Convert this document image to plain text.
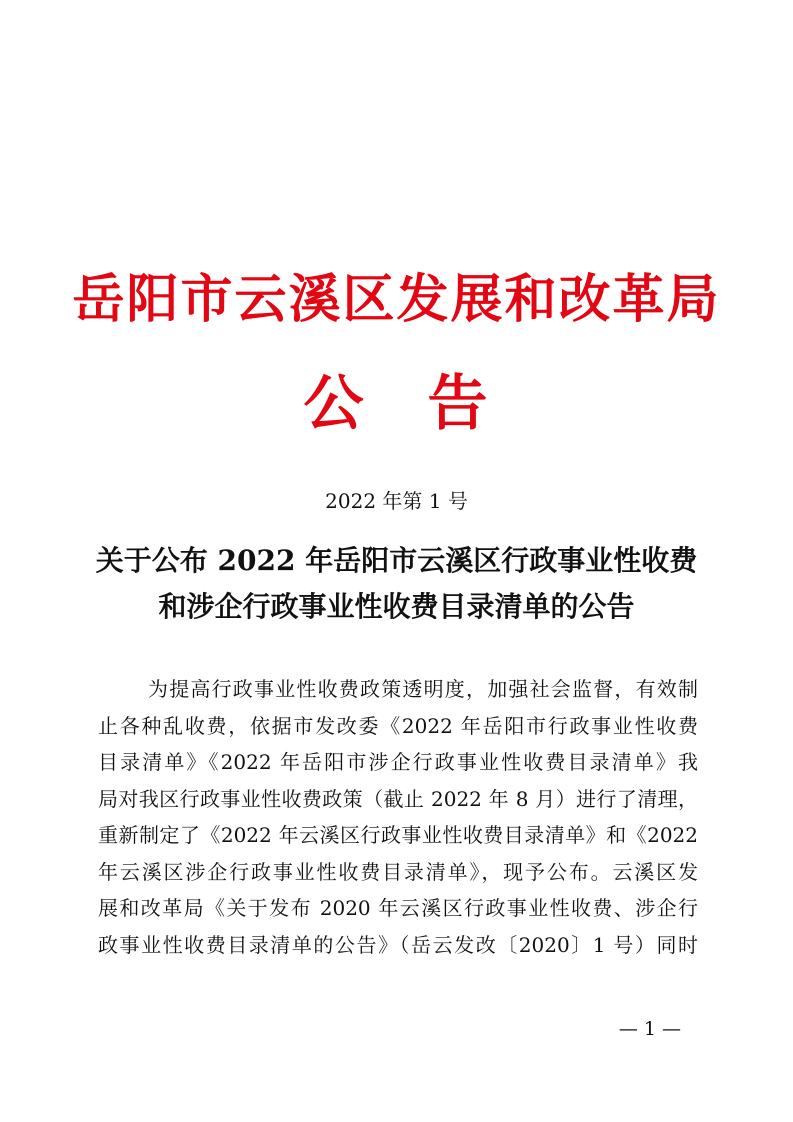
岳阳市云溪区发展和改革局
公 告
2022 年第 1 号
关于公布 2022 年岳阳市云溪区行政事业性收费
和涉企行政事业性收费目录清单的公告
为提高行政事业性收费政策透明度，加强社会监督，有效制
止各种乱收费，依据市发改委《2022 年岳阳市行政事业性收费
目录清单》《2022 年岳阳市涉企行政事业性收费目录清单》我
局对我区行政事业性收费政策（截止 2022 年 8 月）进行了清理，
重新制定了《2022 年云溪区行政事业性收费目录清单》和《2022
年云溪区涉企行政事业性收费目录清单》，现予公布。云溪区发
展和改革局《关于发布 2020 年云溪区行政事业性收费、涉企行
政事业性收费目录清单的公告》（岳云发改〔2020〕1 号）同时
— 1 —
